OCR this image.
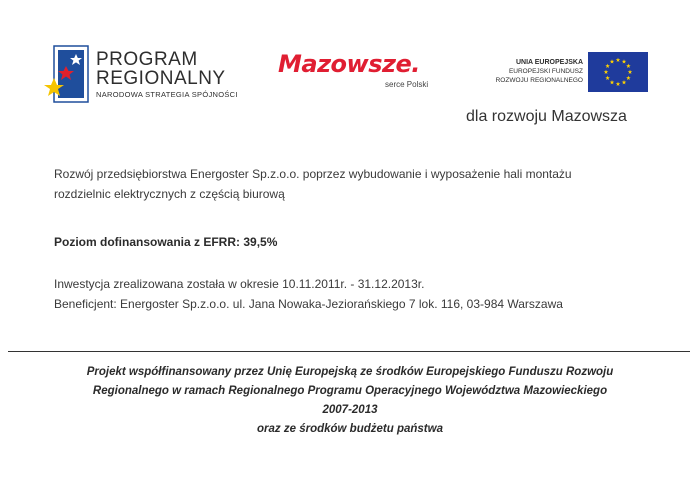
PROGRAM
REGIONALNY
NARODOWA STRATEGIA SPÓJNOŚCI
Mazowsze.
serce Polski
UNIA EUROPEJSKA
EUROPEJSKI FUNDUSZ
ROZWOJU REGIONALNEGO
dla rozwoju Mazowsza
Rozwój przedsiębiorstwa Energoster Sp.z.o.o. poprzez wybudowanie i wyposażenie hali montażu
rozdzielnic elektrycznych z częścią biurową
Poziom dofinansowania z EFRR: 39,5%
Inwestycja zrealizowana została w okresie 10.11.2011r. - 31.12.2013r.
Beneficjent: Energoster Sp.z.o.o. ul. Jana Nowaka-Jeziorańskiego 7 lok. 116, 03-984 Warszawa
Projekt współfinansowany przez Unię Europejską ze środków Europejskiego Funduszu Rozwoju
Regionalnego w ramach Regionalnego Programu Operacyjnego Województwa Mazowieckiego
2007-2013
oraz ze środków budżetu państwa
